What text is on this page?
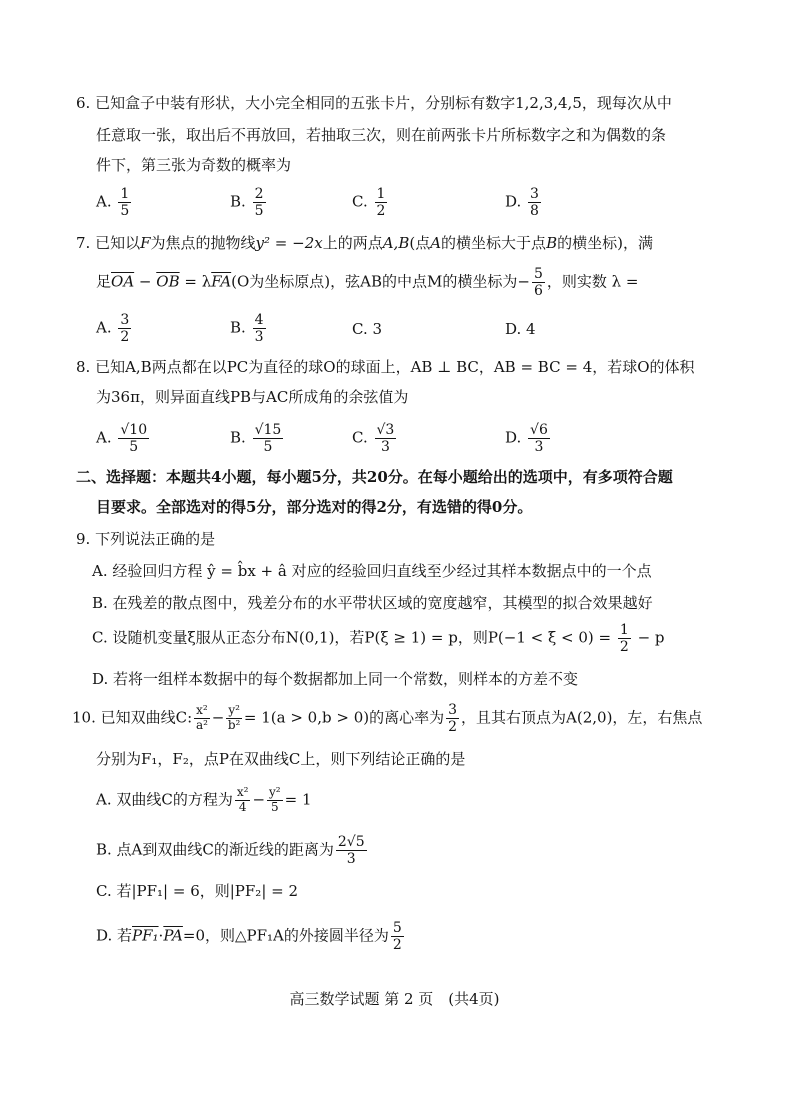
6. 已知盒子中装有形状，大小完全相同的五张卡片，分别标有数字1,2,3,4,5，现每次从中
任意取一张，取出后不再放回，若抽取三次，则在前两张卡片所标数字之和为偶数的条
件下，第三张为奇数的概率为
A. $\frac{1}{5}$	B. $\frac{2}{5}$	C. $\frac{1}{2}$	D. $\frac{3}{8}$
7. 已知以F为焦点的抛物线y² = −2x上的两点A,B(点A的横坐标大于点B的横坐标)，满
足$\overline{OA} - \overline{OB} = \lambda\overline{FA}(O$为坐标原点)，弦AB的中点M的横坐标为− $\frac{5}{6}$ ，则实数 λ =
A. $\frac{3}{2}$	B. $\frac{4}{3}$	C. 3	D. 4
8. 已知A,B两点都在以PC为直径的球O的球面上，AB ⊥ BC，AB = BC = 4，若球O的体积
为36π，则异面直线PB与AC所成角的余弦值为
A. $\frac{√10}{5}$	B. $\frac{√15}{5}$	C. $\frac{√3}{3}$	D. $\frac{√6}{3}$
二、选择题：本题共4小题，每小题5分，共20分。在每小题给出的选项中，有多项符合题
目要求。全部选对的得5分，部分选对的得2分，有选错的得0分。
9. 下列说法正确的是
A. 经验回归方程 ŷ = b̂x + â 对应的经验回归直线至少经过其样本数据点中的一个点
B. 在残差的散点图中，残差分布的水平带状区域的宽度越窄，其模型的拟合效果越好
C. 设随机变量ξ服从正态分布N(0,1)，若P(ξ ≥ 1) = p，则$P(-1 < \xi < 0) = \frac{1}{2} - p$
D. 若将一组样本数据中的每个数据都加上同一个常数，则样本的方差不变
10. 已知双曲线C: $\frac{\text{x²}}{\text{a²}} - \frac{\text{y²}}{\text{b²}} = 1(a > 0,b > 0)$的离心率为 $\frac{3}{2}$ ，且其右顶点为A(2,0)，左，右焦点
分别为F₁，F₂，点P在双曲线C上，则下列结论正确的是
A. 双曲线C的方程为 $\frac{\text{x²}}{4} - \frac{\text{y²}}{5} = 1$
B. 点A到双曲线C的渐近线的距离为 $\frac{2√5}{3}$
C. 若|PF₁| = 6，则|PF₂| = 2
D. 若$PF_1\cdot\overline{PA}=0$，则△PF₁A的外接圆半径为 $\frac{5}{2}$
高三数学试题 第 2 页　(共4页)
